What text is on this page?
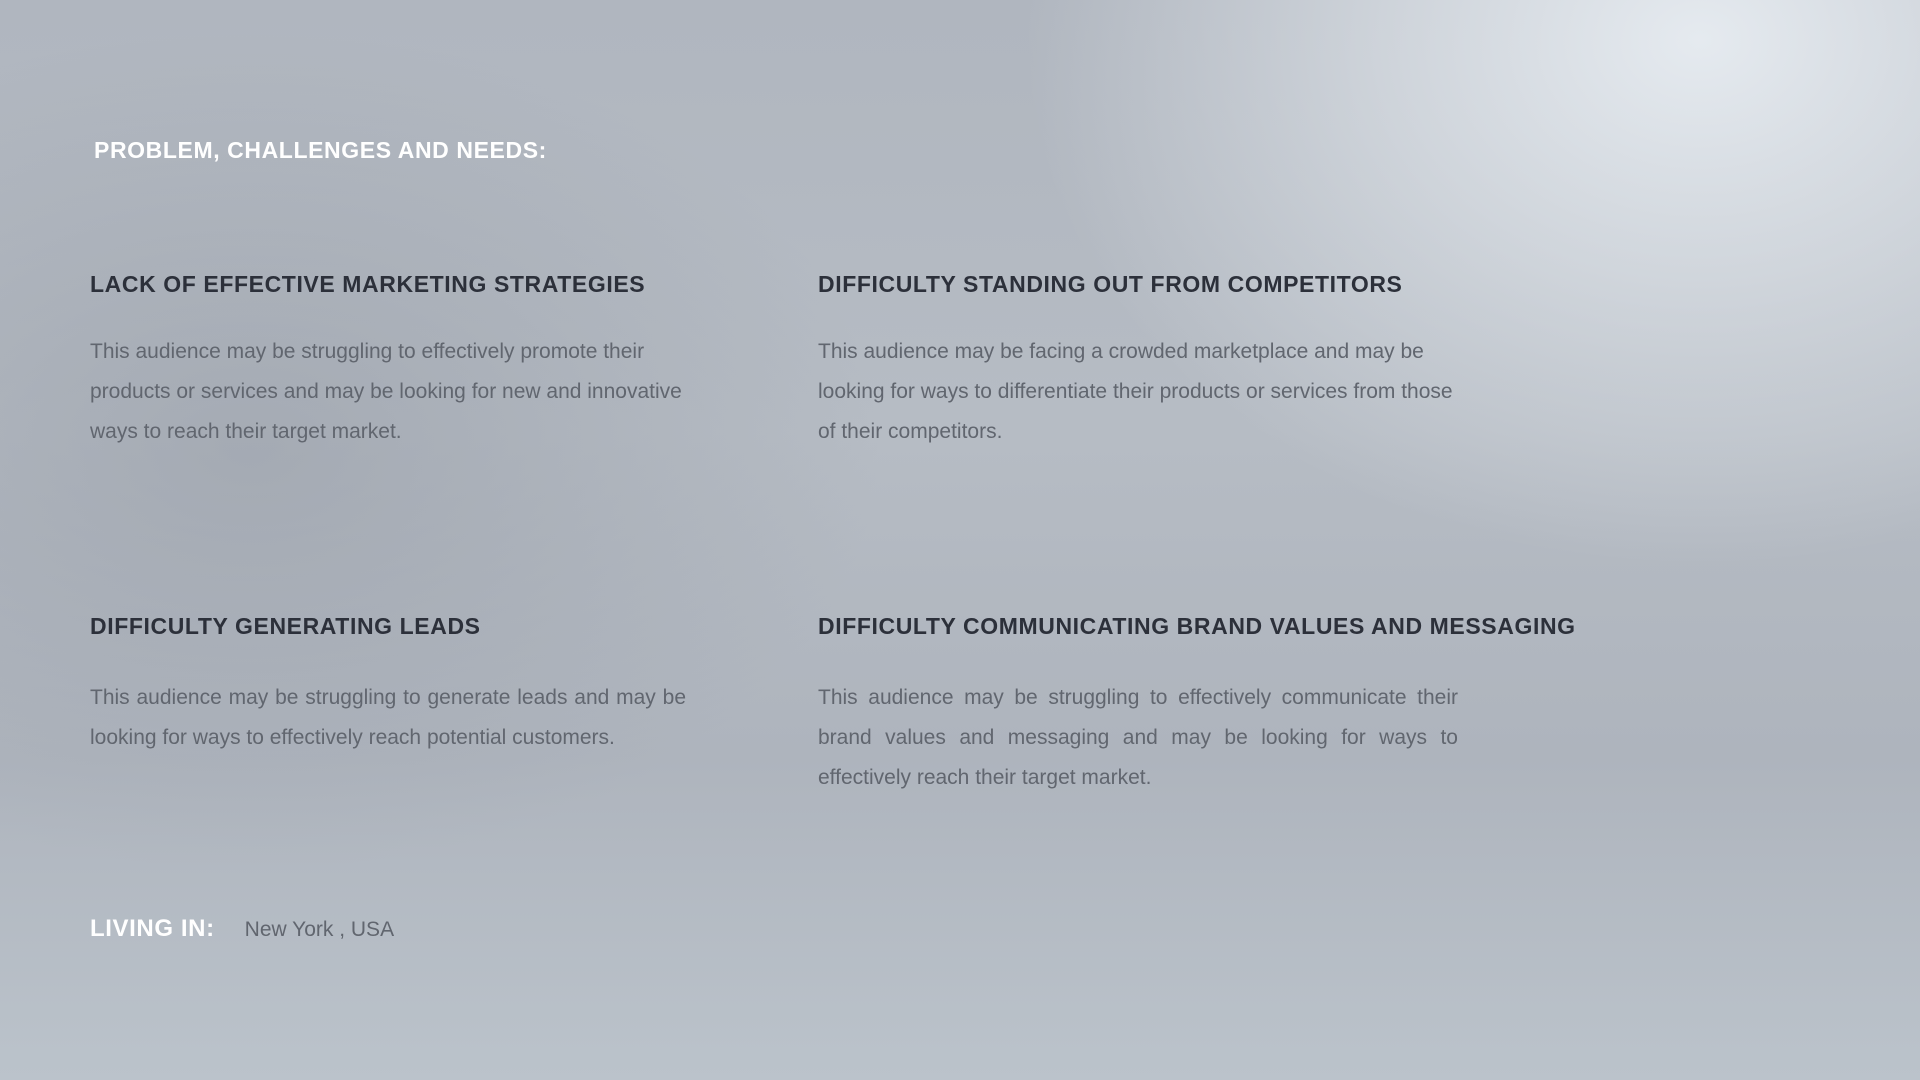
PROBLEM, CHALLENGES AND NEEDS:
LACK OF EFFECTIVE MARKETING STRATEGIES

This audience may be struggling to effectively promote their products or services and may be looking for new and innovative ways to reach their target market.

DIFFICULTY STANDING OUT FROM COMPETITORS

This audience may be facing a crowded marketplace and may be looking for ways to differentiate their products or services from those of their competitors.

DIFFICULTY GENERATING LEADS

This audience may be struggling to generate leads and may be looking for ways to effectively reach potential customers.

DIFFICULTY COMMUNICATING BRAND VALUES AND MESSAGING

This audience may be struggling to effectively communicate their brand values and messaging and may be looking for ways to effectively reach their target market.

LIVING IN: New York , USA
